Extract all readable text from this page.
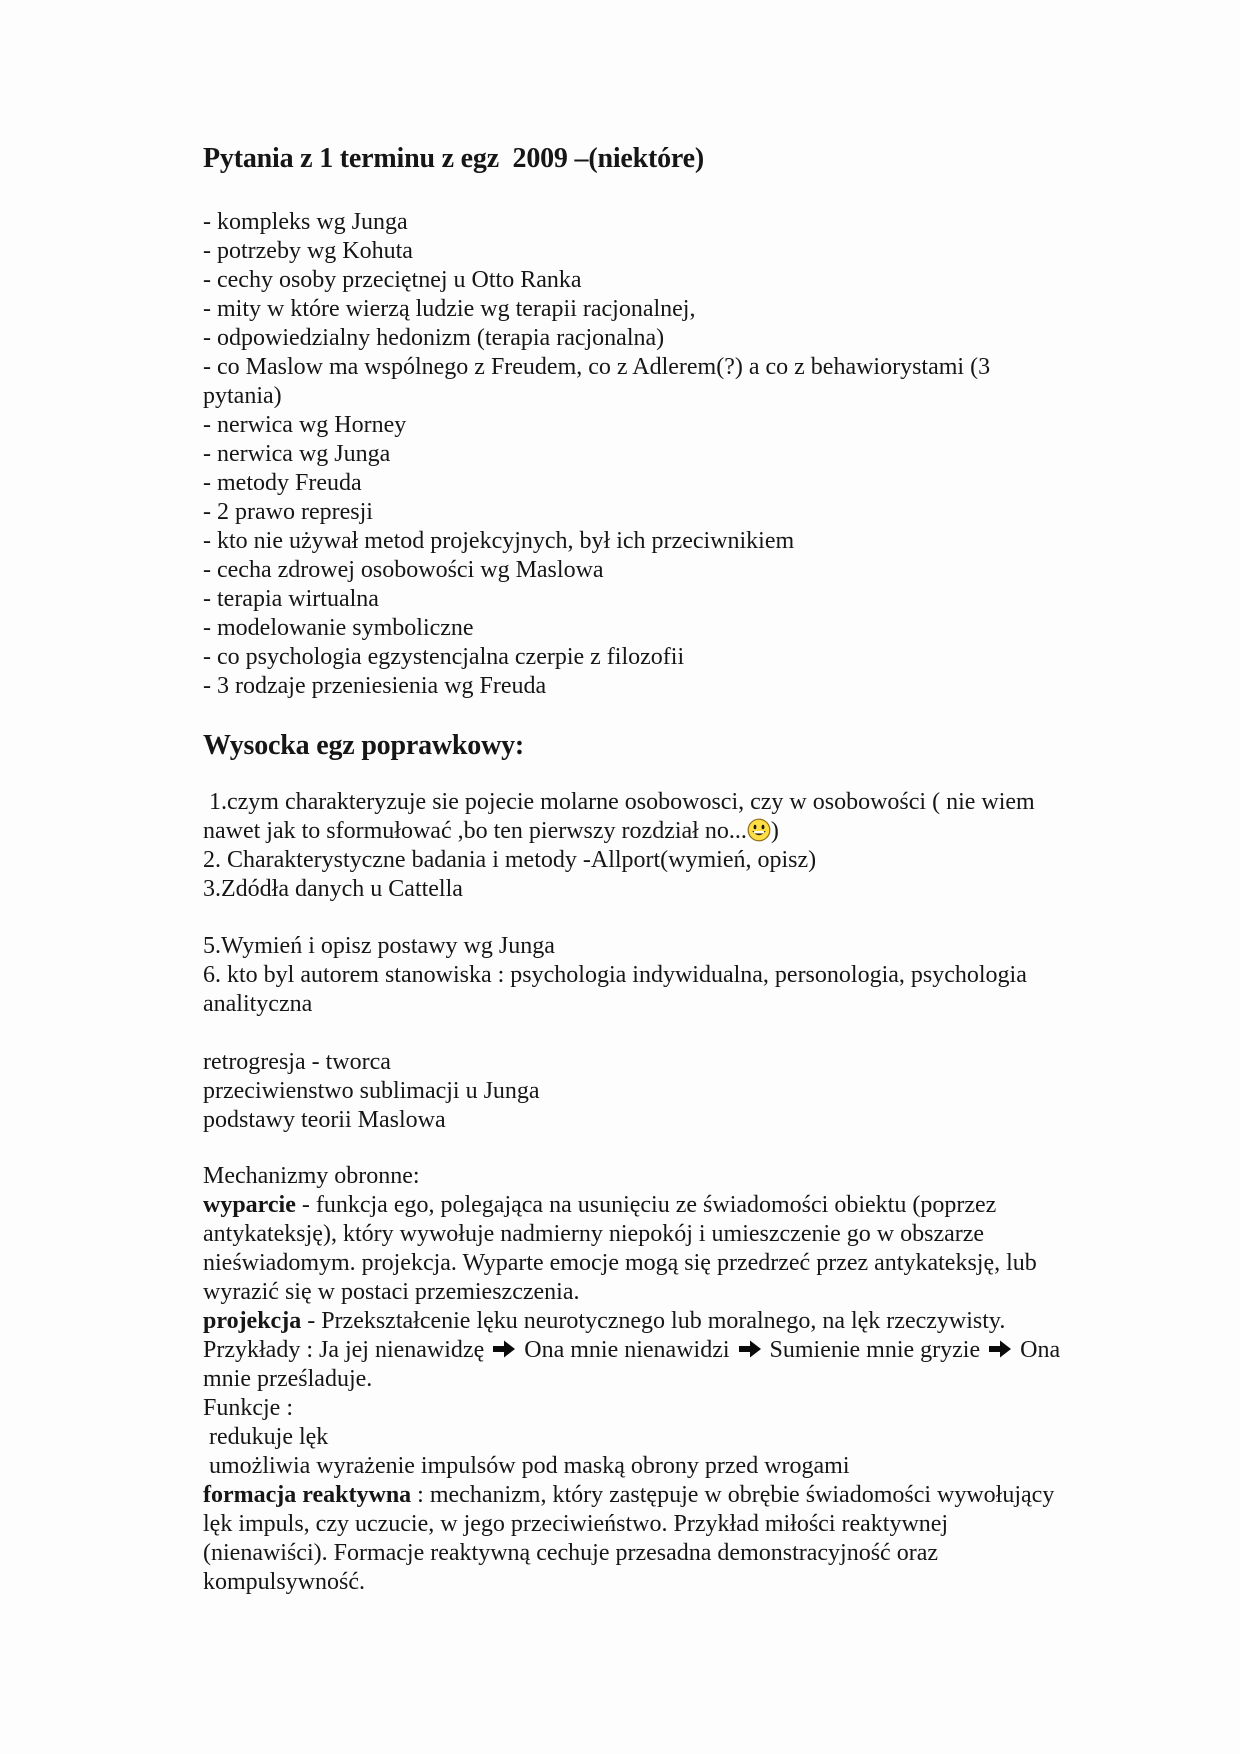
Pytania z 1 terminu z egz  2009 –(niektóre)
- kompleks wg Junga
- potrzeby wg Kohuta
- cechy osoby przeciętnej u Otto Ranka
- mity w które wierzą ludzie wg terapii racjonalnej,
- odpowiedzialny hedonizm (terapia racjonalna)
- co Maslow ma wspólnego z Freudem, co z Adlerem(?) a co z behawiorystami (3
pytania)
- nerwica wg Horney
- nerwica wg Junga
- metody Freuda
- 2 prawo represji
- kto nie używał metod projekcyjnych, był ich przeciwnikiem
- cecha zdrowej osobowości wg Maslowa
- terapia wirtualna
- modelowanie symboliczne
- co psychologia egzystencjalna czerpie z filozofii
- 3 rodzaje przeniesienia wg Freuda
Wysocka egz poprawkowy:
1.czym charakteryzuje sie pojecie molarne osobowosci, czy w osobowości ( nie wiem
nawet jak to sformułować ,bo ten pierwszy rozdział no... )
2. Charakterystyczne badania i metody -Allport(wymień, opisz)
3.Zdódła danych u Cattella
5.Wymień i opisz postawy wg Junga
6. kto byl autorem stanowiska : psychologia indywidualna, personologia, psychologia
analityczna
retrogresja - tworca
przeciwienstwo sublimacji u Junga
podstawy teorii Maslowa
Mechanizmy obronne:
wyparcie - funkcja ego, polegająca na usunięciu ze świadomości obiektu (poprzez
antykateksję), który wywołuje nadmierny niepokój i umieszczenie go w obszarze
nieświadomym. projekcja. Wyparte emocje mogą się przedrzeć przez antykateksję, lub
wyrazić się w postaci przemieszczenia.
projekcja - Przekształcenie lęku neurotycznego lub moralnego, na lęk rzeczywisty.
Przykłady : Ja jej nienawidzę  Ona mnie nienawidzi  Sumienie mnie gryzie  Ona
mnie prześladuje.
Funkcje :
redukuje lęk
umożliwia wyrażenie impulsów pod maską obrony przed wrogami
formacja reaktywna : mechanizm, który zastępuje w obrębie świadomości wywołujący
lęk impuls, czy uczucie, w jego przeciwieństwo. Przykład miłości reaktywnej
(nienawiści). Formacje reaktywną cechuje przesadna demonstracyjność oraz
kompulsywność.
